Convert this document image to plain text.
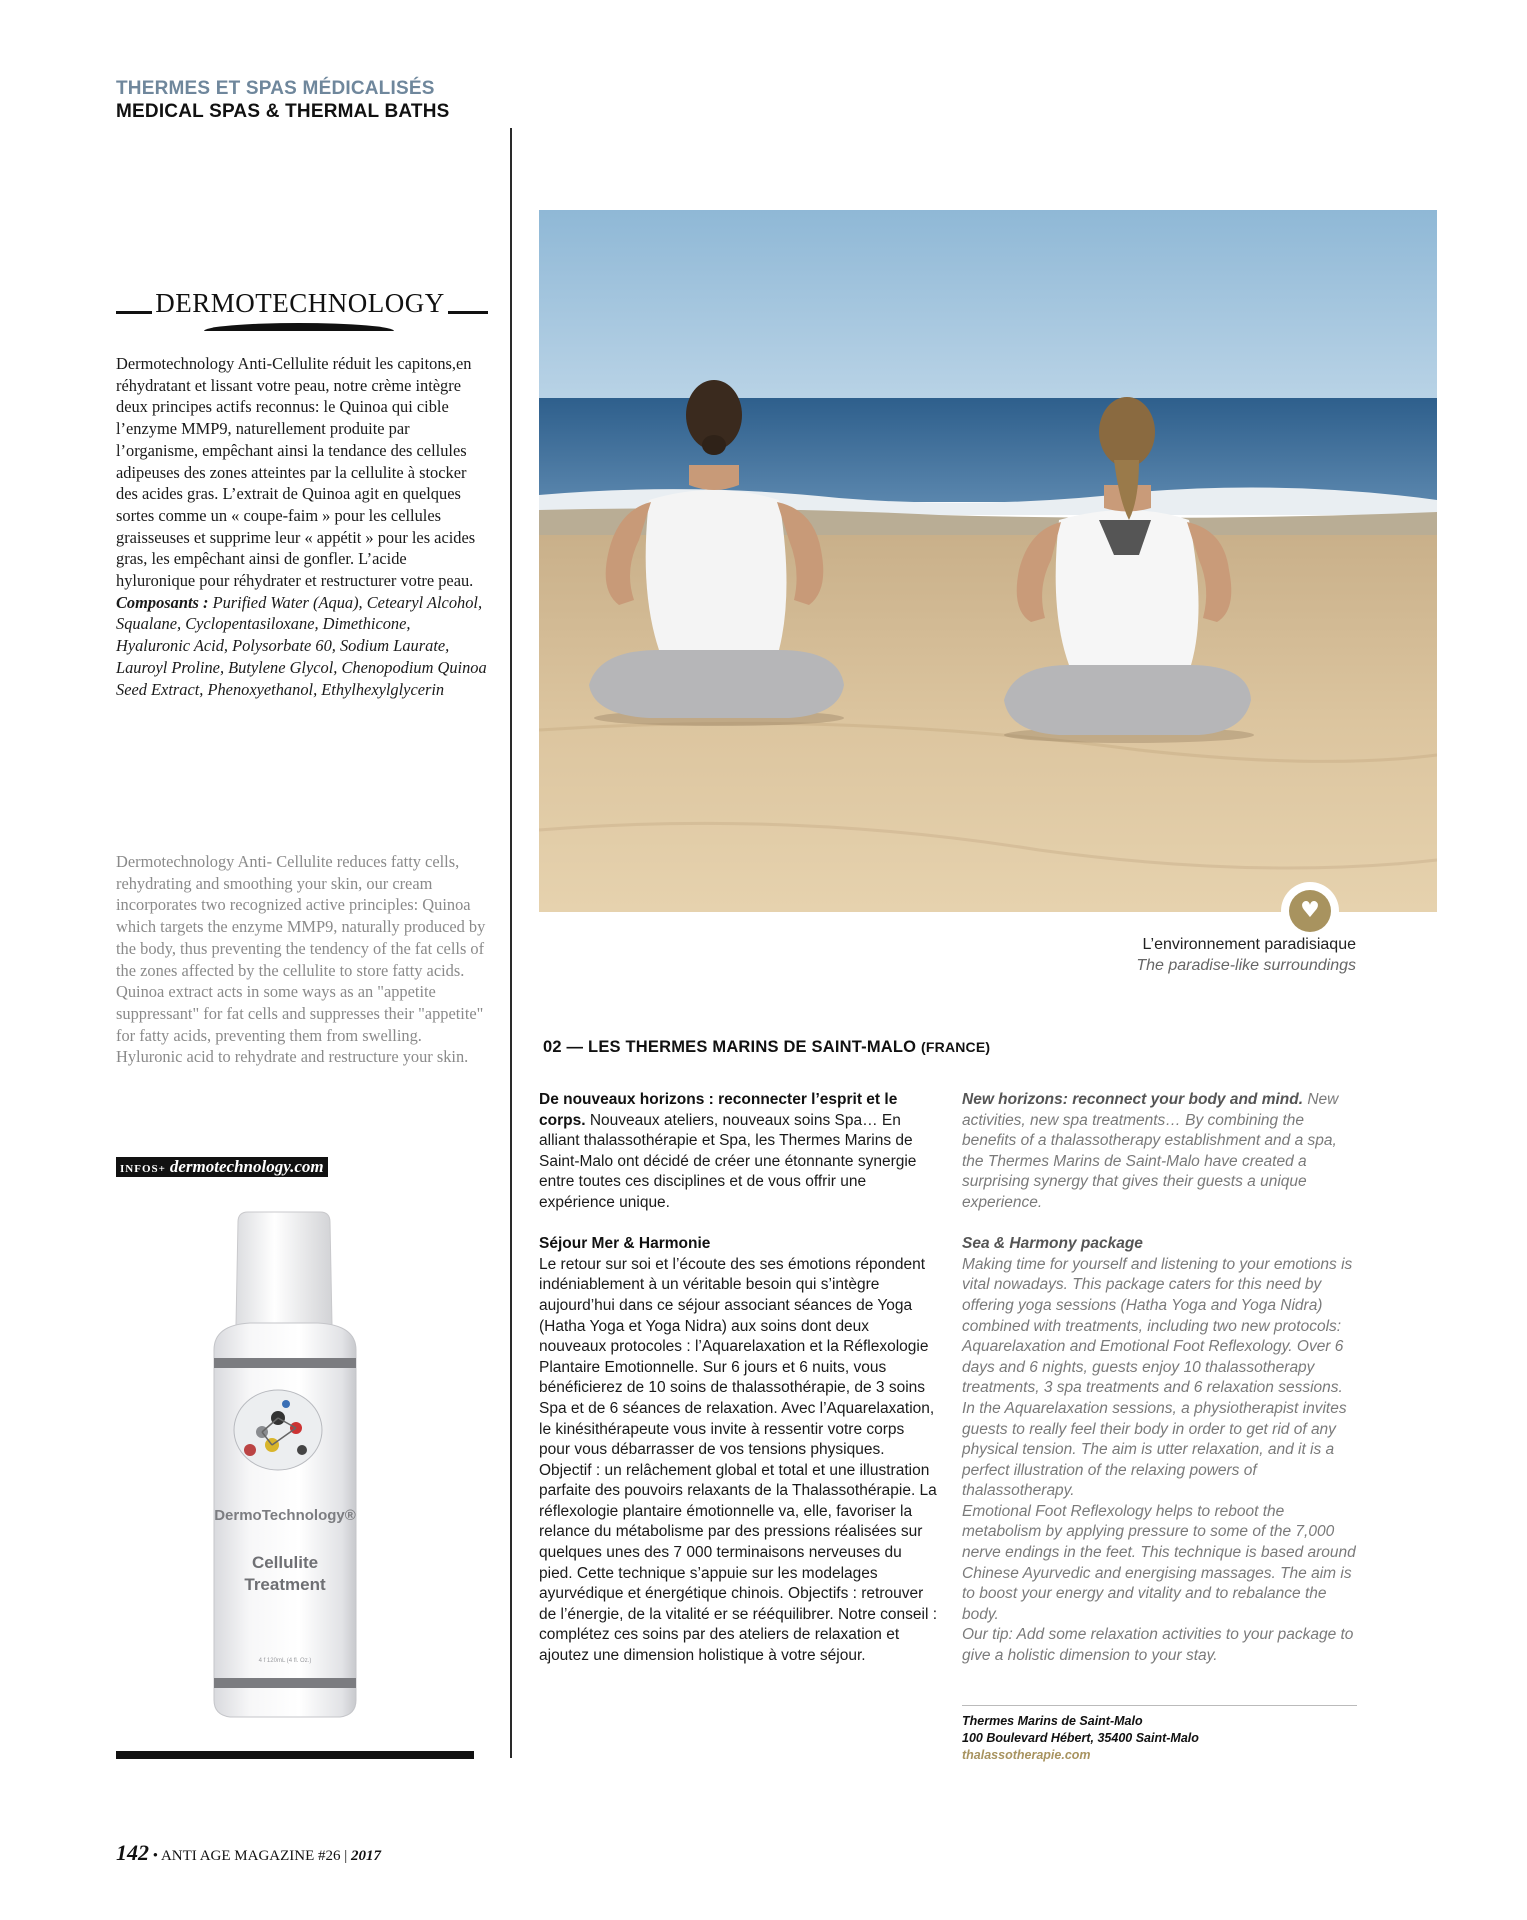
THERMES ET SPAS MÉDICALISÉS
MEDICAL SPAS & THERMAL BATHS
DERMOTECHNOLOGY
Dermotechnology Anti-Cellulite réduit les capitons,en réhydratant et lissant votre peau, notre crème intègre deux principes actifs reconnus: le Quinoa qui cible l’enzyme MMP9, naturellement produite par l’organisme, empêchant ainsi la tendance des cellules adipeuses des zones atteintes par la cellulite à stocker des acides gras. L’extrait de Quinoa agit en quelques sortes comme un « coupe-faim » pour les cellules graisseuses et supprime leur « appétit » pour les acides gras, les empêchant ainsi de gonfler. L’acide hyluronique pour réhydrater et restructurer votre peau.
Composants : Purified Water (Aqua), Cetearyl Alcohol, Squalane, Cyclopentasiloxane, Dimethicone, Hyaluronic Acid, Polysorbate 60, Sodium Laurate, Lauroyl Proline, Butylene Glycol, Chenopodium Quinoa Seed Extract, Phenoxyethanol, Ethylhexylglycerin
Dermotechnology Anti- Cellulite reduces fatty cells, rehydrating and smoothing your skin, our cream incorporates two recognized active principles: Quinoa which targets the enzyme MMP9, naturally produced by the body, thus preventing the tendency of the fat cells of the zones affected by the cellulite to store fatty acids. Quinoa extract acts in some ways as an "appetite suppressant" for fat cells and suppresses their "appetite" for fatty acids, preventing them from swelling. Hyluronic acid to rehydrate and restructure your skin.
INFOS+ dermotechnology.com
DermoTechnology®
Cellulite
Treatment
4 f 120mL (4 fl. Oz.)
♥
L’environnement paradisiaque
The paradise-like surroundings
02 — LES THERMES MARINS DE SAINT-MALO (FRANCE)

De nouveaux horizons : reconnecter l’esprit et le corps. Nouveaux ateliers, nouveaux soins Spa… En alliant thalassothérapie et Spa, les Thermes Marins de Saint-Malo ont décidé de créer une étonnante synergie entre toutes ces disciplines et de vous offrir une expérience unique.

Séjour Mer & Harmonie

Le retour sur soi et l’écoute des ses émotions répondent indéniablement à un véritable besoin qui s’intègre aujourd’hui dans ce séjour associant séances de Yoga (Hatha Yoga et Yoga Nidra) aux soins dont deux nouveaux protocoles : l’Aquarelaxation et la Réflexologie Plantaire Emotionnelle. Sur 6 jours et 6 nuits, vous bénéficierez de 10 soins de thalassothérapie, de 3 soins Spa et de 6 séances de relaxation. Avec l’Aquarelaxation, le kinésithérapeute vous invite à ressentir votre corps pour vous débarrasser de vos tensions physiques. Objectif : un relâchement global et total et une illustration parfaite des pouvoirs relaxants de la Thalassothérapie. La réflexologie plantaire émotionnelle va, elle, favoriser la relance du métabolisme par des pressions réalisées sur quelques unes des 7 000 terminaisons nerveuses du pied. Cette technique s’appuie sur les modelages ayurvédique et énergétique chinois. Objectifs : retrouver de l’énergie, de la vitalité er se rééquilibrer. Notre conseil : complétez ces soins par des ateliers de relaxation et ajoutez une dimension holistique à votre séjour.

New horizons: reconnect your body and mind. New activities, new spa treatments… By combining the benefits of a thalassotherapy establishment and a spa, the Thermes Marins de Saint-Malo have created a surprising synergy that gives their guests a unique experience.

Sea & Harmony package

Making time for yourself and listening to your emotions is vital nowadays. This package caters for this need by offering yoga sessions (Hatha Yoga and Yoga Nidra) combined with treatments, including two new protocols: Aquarelaxation and Emotional Foot Reflexology. Over 6 days and 6 nights, guests enjoy 10 thalassotherapy treatments, 3 spa treatments and 6 relaxation sessions.

In the Aquarelaxation sessions, a physiotherapist invites guests to really feel their body in order to get rid of any physical tension. The aim is utter relaxation, and it is a perfect illustration of the relaxing powers of thalassotherapy.

Emotional Foot Reflexology helps to reboot the metabolism by applying pressure to some of the 7,000 nerve endings in the feet. This technique is based around Chinese Ayurvedic and energising massages. The aim is to boost your energy and vitality and to rebalance the body.

Our tip: Add some relaxation activities to your package to give a holistic dimension to your stay.

Thermes Marins de Saint-Malo
100 Boulevard Hébert, 35400 Saint-Malo
thalassotherapie.com
142 • ANTI AGE MAGAZINE #26 | 2017
